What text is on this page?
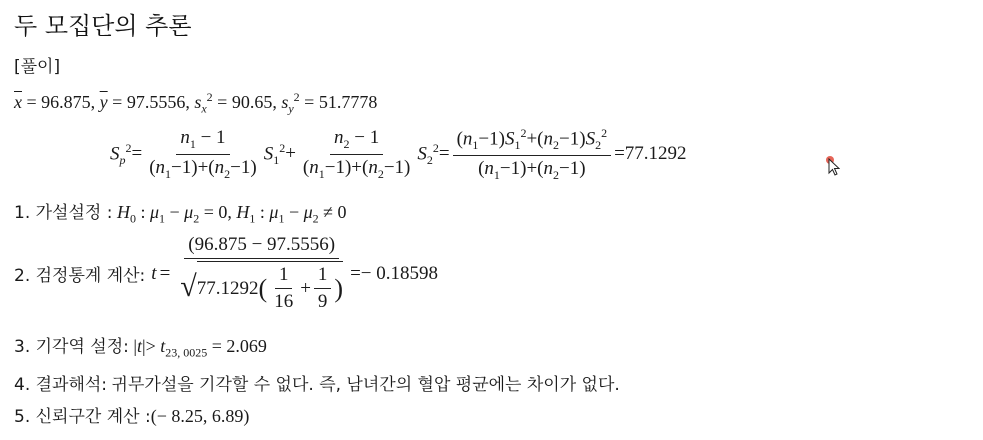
두 모집단의 추론
[풀이]
$\overline{x} = 96.875$, $\overline{y} = 97.5556$, $s_x^2 = 90.65$, $s_y^2 = 51.7778$
$S_p^2 = \frac{n_1 - 1}{(n_1-1)+(n_2-1)} S_1^2 + \frac{n_2 - 1}{(n_1-1)+(n_2-1)} S_2^2 = \frac{(n_1-1)S_1^2+(n_2-1)S_2^2}{(n_1-1)+(n_2-1)} = 77.1292$
1. 가설설정 : $H_0$ : $\mu_1 - \mu_2 = 0$, $H_1$ : $\mu_1 - \mu_2 \ne 0$
2. 검정통계 계산: t =
(96.875 − 97.5556)
√ 77.1292 ( $\frac{1}{16} + \frac{1}{9}$ )
=− 0.18598
3. 기각역 설정: $|t|> t_{23, 0025} = 2.069$
4. 결과해석: 귀무가설을 기각할 수 없다. 즉, 남녀간의 혈압 평균에는 차이가 없다.
5. 신뢰구간 계산 :(− 8.25, 6.89)
